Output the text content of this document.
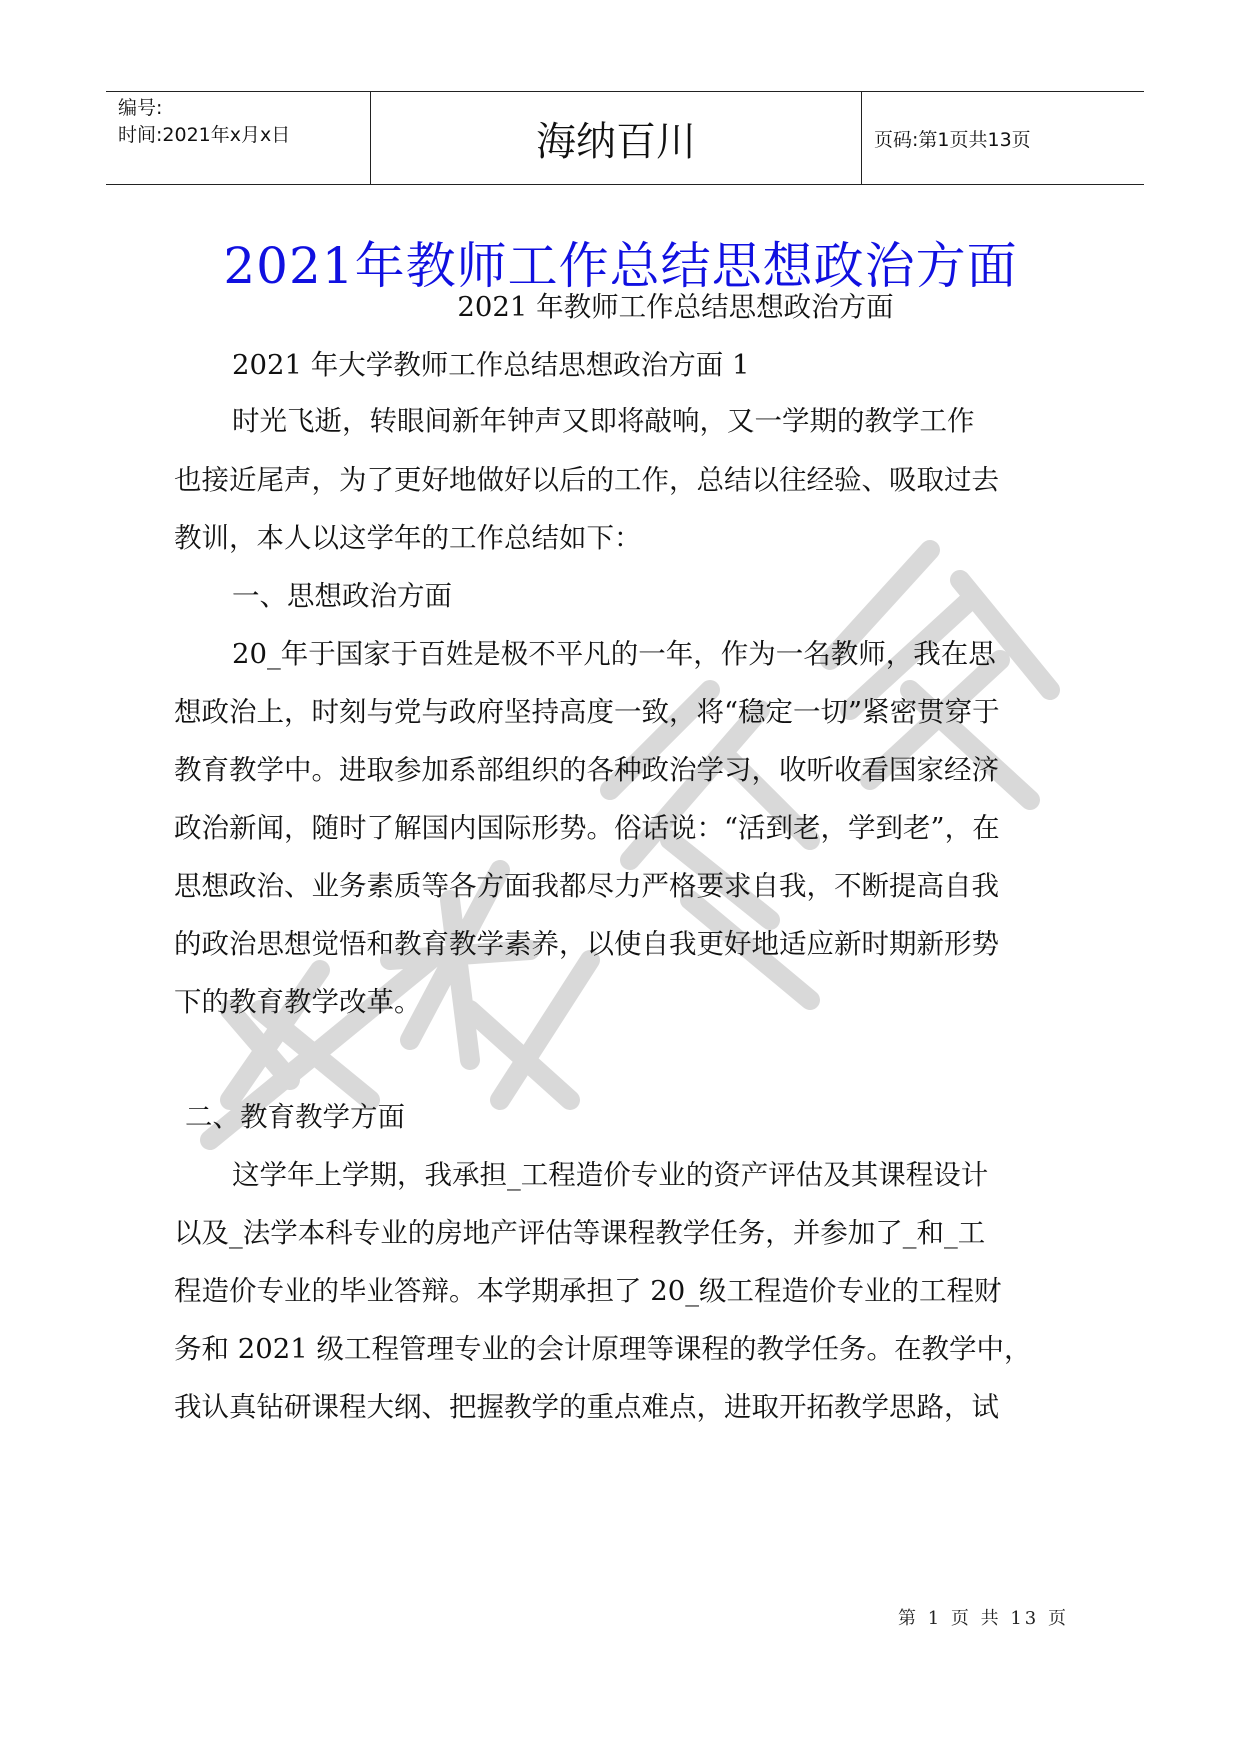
编号:
时间:2021年x月x日	海纳百川	页码:第1页共13页
2021年教师工作总结思想政治方面
2021 年教师工作总结思想政治方面
2021 年大学教师工作总结思想政治方面 1
时光飞逝，转眼间新年钟声又即将敲响，又一学期的教学工作
也接近尾声，为了更好地做好以后的工作，总结以往经验、吸取过去
教训，本人以这学年的工作总结如下：
一、思想政治方面
20_年于国家于百姓是极不平凡的一年，作为一名教师，我在思
想政治上，时刻与党与政府坚持高度一致，将“稳定一切”紧密贯穿于
教育教学中。进取参加系部组织的各种政治学习，收听收看国家经济
政治新闻，随时了解国内国际形势。俗话说：“活到老，学到老”，在
思想政治、业务素质等各方面我都尽力严格要求自我，不断提高自我
的政治思想觉悟和教育教学素养，以使自我更好地适应新时期新形势
下的教育教学改革。
二、教育教学方面
这学年上学期，我承担_工程造价专业的资产评估及其课程设计
以及_法学本科专业的房地产评估等课程教学任务，并参加了_和_工
程造价专业的毕业答辩。本学期承担了 20_级工程造价专业的工程财
务和 2021 级工程管理专业的会计原理等课程的教学任务。在教学中，
我认真钻研课程大纲、把握教学的重点难点，进取开拓教学思路，试
第 1 页 共 13 页
